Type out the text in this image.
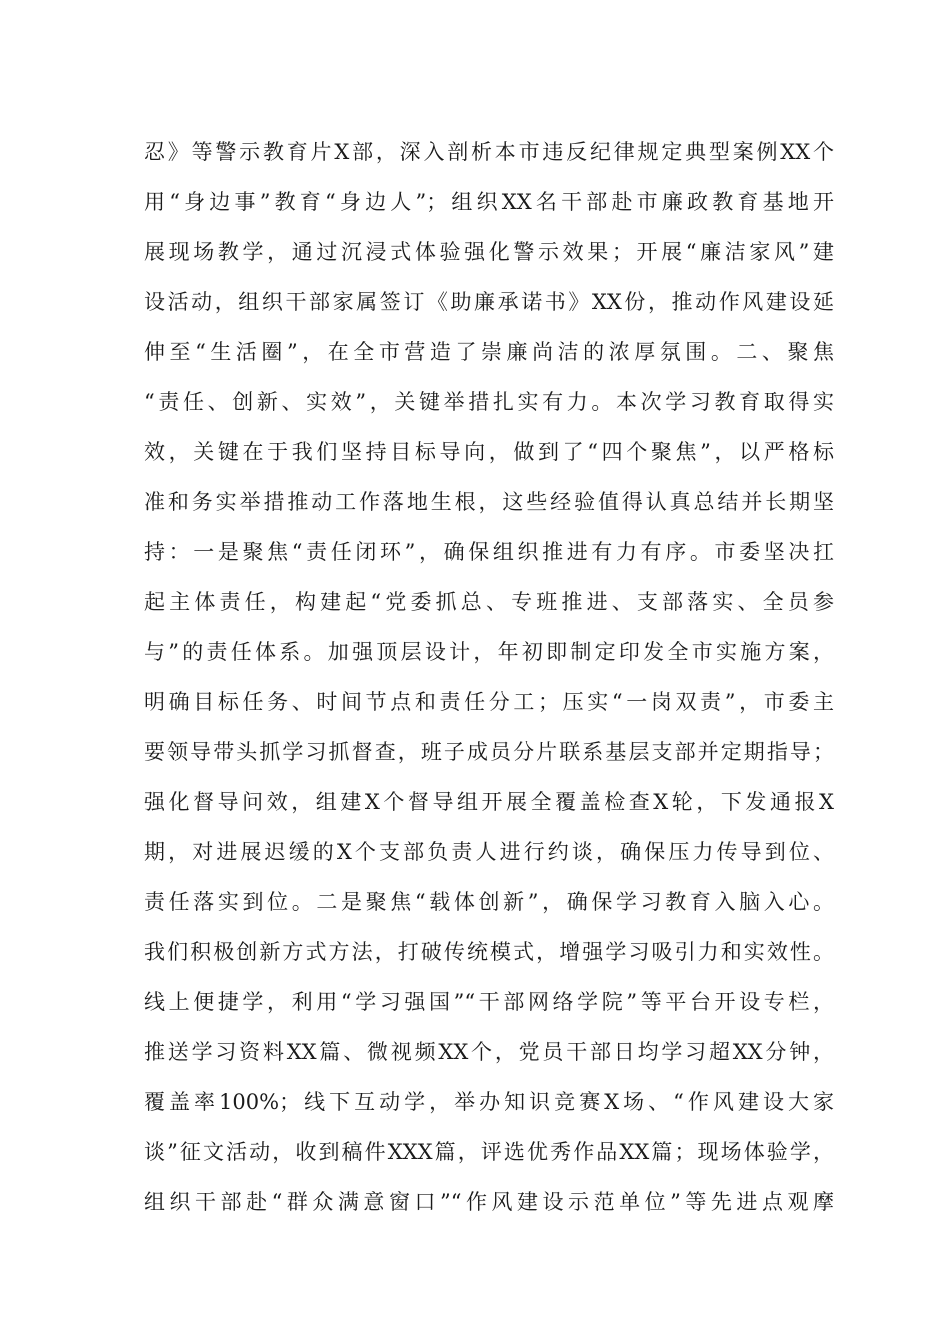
忍》等警示教育片X部，深入剖析本市违反纪律规定典型案例XX个
用“身边事”教育“身边人”；组织XX名干部赴市廉政教育基地开
展现场教学，通过沉浸式体验强化警示效果；开展“廉洁家风”建
设活动，组织干部家属签订《助廉承诺书》XX份，推动作风建设延
伸至“生活圈”，在全市营造了崇廉尚洁的浓厚氛围。二、聚焦
“责任、创新、实效”，关键举措扎实有力。本次学习教育取得实
效，关键在于我们坚持目标导向，做到了“四个聚焦”，以严格标
准和务实举措推动工作落地生根，这些经验值得认真总结并长期坚
持：一是聚焦“责任闭环”，确保组织推进有力有序。市委坚决扛
起主体责任，构建起“党委抓总、专班推进、支部落实、全员参
与”的责任体系。加强顶层设计，年初即制定印发全市实施方案，
明确目标任务、时间节点和责任分工；压实“一岗双责”，市委主
要领导带头抓学习抓督查，班子成员分片联系基层支部并定期指导；
强化督导问效，组建X个督导组开展全覆盖检查X轮，下发通报X
期，对进展迟缓的X个支部负责人进行约谈，确保压力传导到位、
责任落实到位。二是聚焦“载体创新”，确保学习教育入脑入心。
我们积极创新方式方法，打破传统模式，增强学习吸引力和实效性。
线上便捷学，利用“学习强国”“干部网络学院”等平台开设专栏，
推送学习资料XX篇、微视频XX个，党员干部日均学习超XX分钟，
覆盖率100%；线下互动学，举办知识竞赛X场、“作风建设大家
谈”征文活动，收到稿件XXX篇，评选优秀作品XX篇；现场体验学，
组织干部赴“群众满意窗口”“作风建设示范单位”等先进点观摩
